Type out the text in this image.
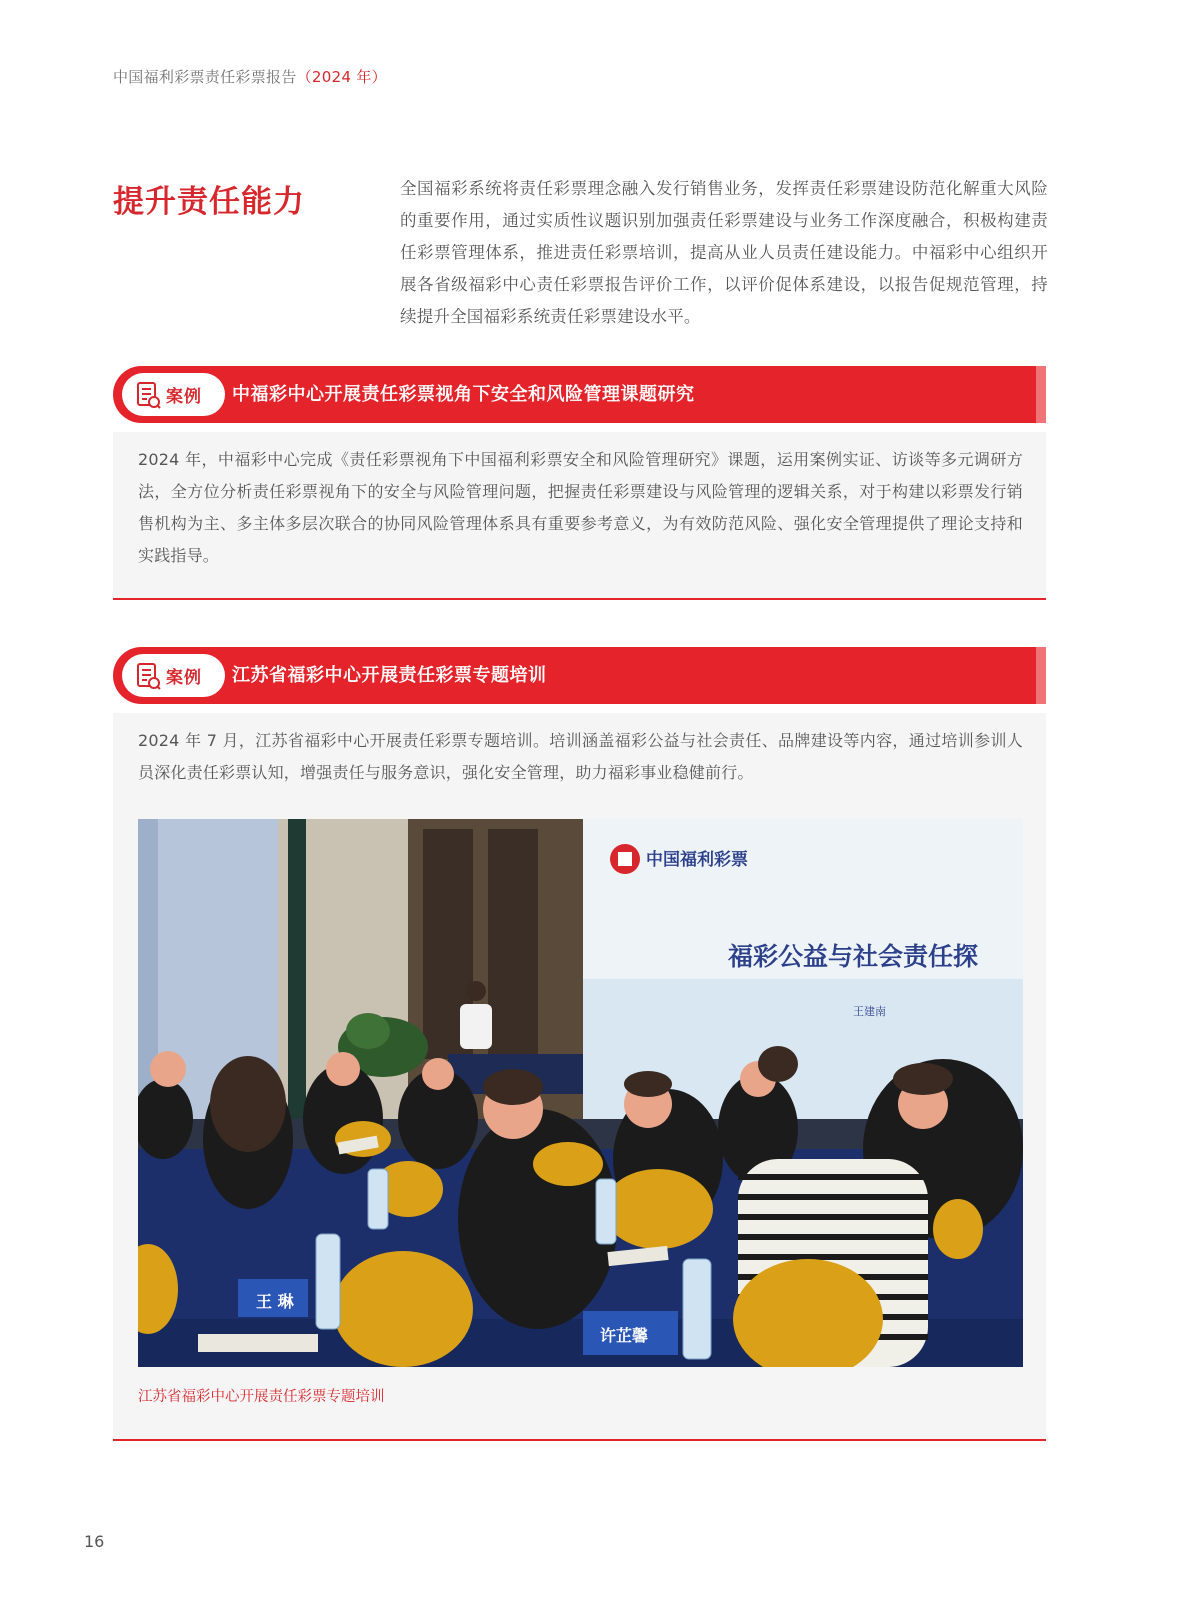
中国福利彩票责任彩票报告（2024 年）
提升责任能力	全国福彩系统将责任彩票理念融入发行销售业务，发挥责任彩票建设防范化解重大风险的重要作用，通过实质性议题识别加强责任彩票建设与业务工作深度融合，积极构建责任彩票管理体系，推进责任彩票培训，提高从业人员责任建设能力。中福彩中心组织开展各省级福彩中心责任彩票报告评价工作，以评价促体系建设，以报告促规范管理，持续提升全国福彩系统责任彩票建设水平。
案例 中福彩中心开展责任彩票视角下安全和风险管理课题研究

2024 年，中福彩中心完成《责任彩票视角下中国福利彩票安全和风险管理研究》课题，运用案例实证、访谈等多元调研方法，全方位分析责任彩票视角下的安全与风险管理问题，把握责任彩票建设与风险管理的逻辑关系，对于构建以彩票发行销售机构为主、多主体多层次联合的协同风险管理体系具有重要参考意义，为有效防范风险、强化安全管理提供了理论支持和实践指导。

案例 江苏省福彩中心开展责任彩票专题培训

2024 年 7 月，江苏省福彩中心开展责任彩票专题培训。培训涵盖福彩公益与社会责任、品牌建设等内容，通过培训参训人员深化责任彩票认知，增强责任与服务意识，强化安全管理，助力福彩事业稳健前行。

中国福利彩票
福彩公益与社会责任探
王建南
王 琳
许芷馨
江苏省福彩中心开展责任彩票专题培训
16
